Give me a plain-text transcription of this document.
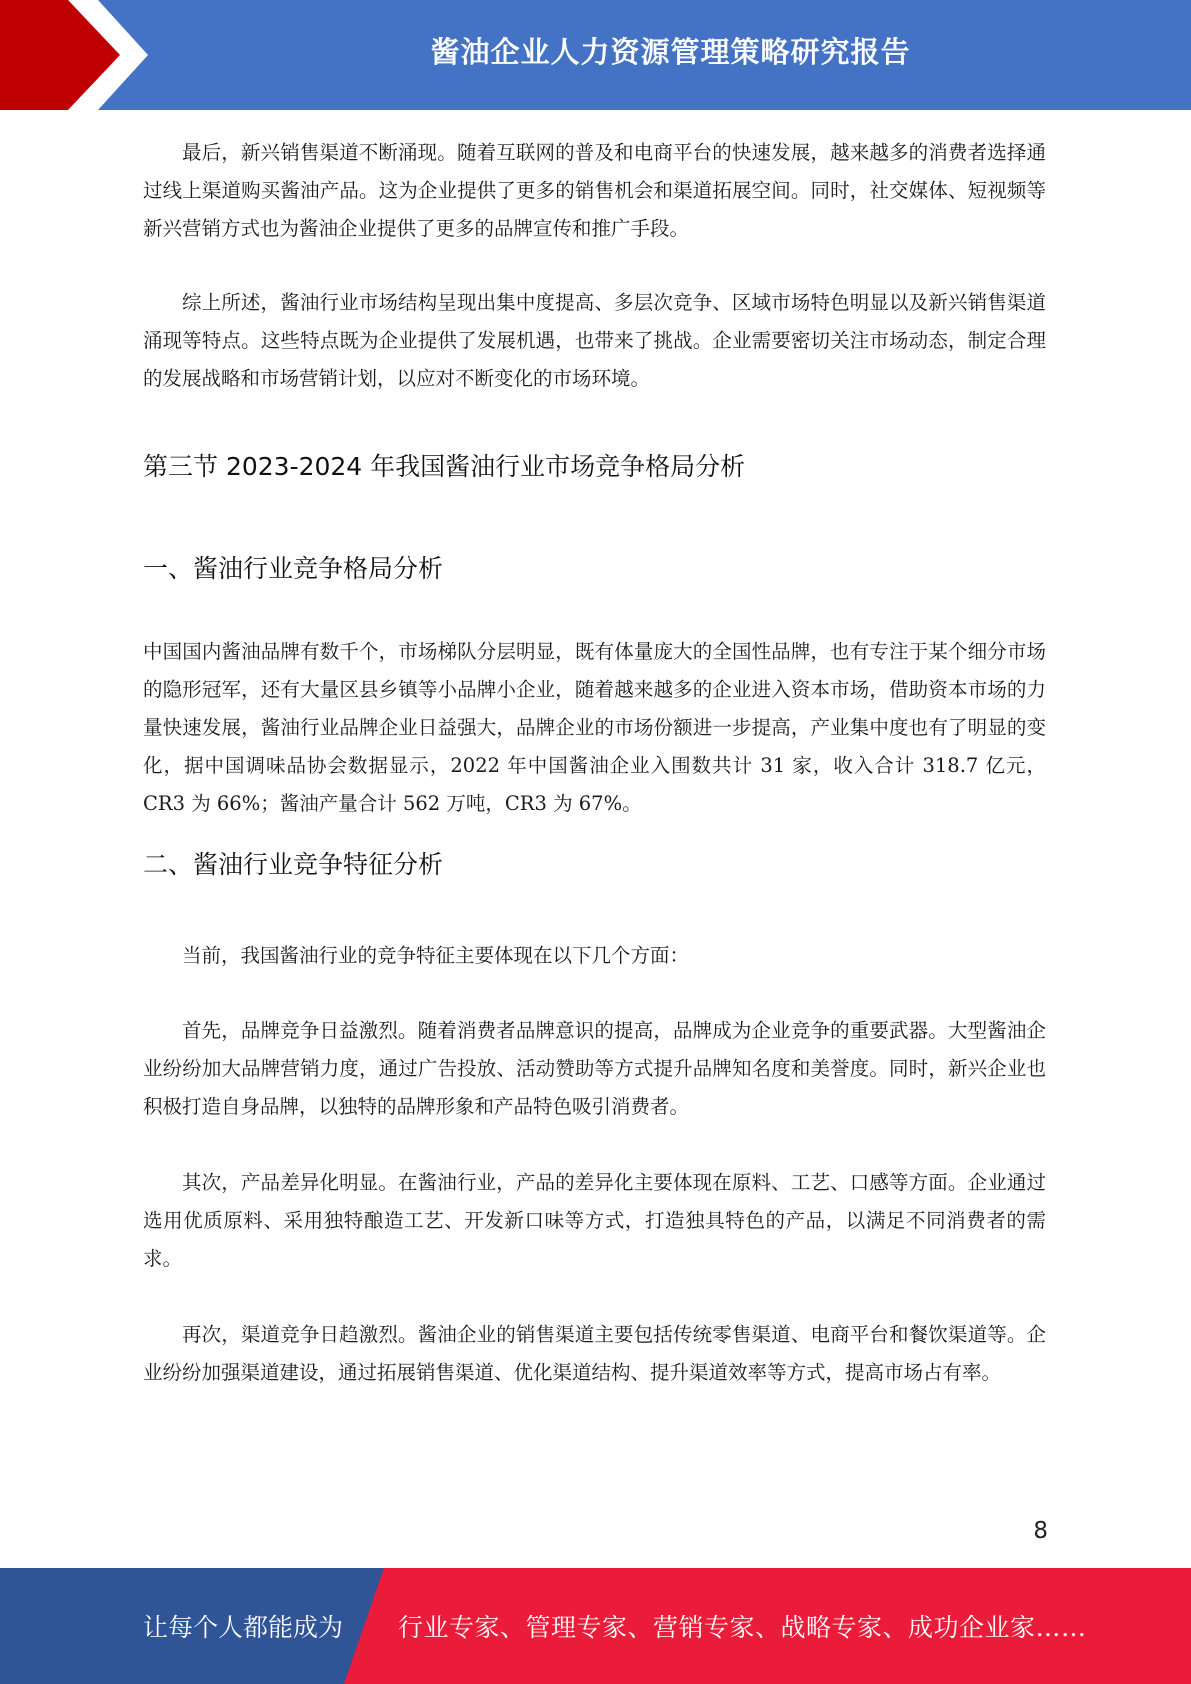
酱油企业人力资源管理策略研究报告

最后，新兴销售渠道不断涌现。随着互联网的普及和电商平台的快速发展，越来越多的消费者选择通过线上渠道购买酱油产品。这为企业提供了更多的销售机会和渠道拓展空间。同时，社交媒体、短视频等新兴营销方式也为酱油企业提供了更多的品牌宣传和推广手段。

综上所述，酱油行业市场结构呈现出集中度提高、多层次竞争、区域市场特色明显以及新兴销售渠道涌现等特点。这些特点既为企业提供了发展机遇，也带来了挑战。企业需要密切关注市场动态，制定合理的发展战略和市场营销计划，以应对不断变化的市场环境。

第三节 2023-2024 年我国酱油行业市场竞争格局分析
一、酱油行业竞争格局分析

中国国内酱油品牌有数千个，市场梯队分层明显，既有体量庞大的全国性品牌，也有专注于某个细分市场的隐形冠军，还有大量区县乡镇等小品牌小企业，随着越来越多的企业进入资本市场，借助资本市场的力量快速发展，酱油行业品牌企业日益强大，品牌企业的市场份额进一步提高，产业集中度也有了明显的变化，据中国调味品协会数据显示，2022 年中国酱油企业入围数共计 31 家，收入合计 318.7 亿元，CR3 为 66%；酱油产量合计 562 万吨，CR3 为 67%。

二、酱油行业竞争特征分析

当前，我国酱油行业的竞争特征主要体现在以下几个方面：

首先，品牌竞争日益激烈。随着消费者品牌意识的提高，品牌成为企业竞争的重要武器。大型酱油企业纷纷加大品牌营销力度，通过广告投放、活动赞助等方式提升品牌知名度和美誉度。同时，新兴企业也积极打造自身品牌，以独特的品牌形象和产品特色吸引消费者。

其次，产品差异化明显。在酱油行业，产品的差异化主要体现在原料、工艺、口感等方面。企业通过选用优质原料、采用独特酿造工艺、开发新口味等方式，打造独具特色的产品，以满足不同消费者的需求。

再次，渠道竞争日趋激烈。酱油企业的销售渠道主要包括传统零售渠道、电商平台和餐饮渠道等。企业纷纷加强渠道建设，通过拓展销售渠道、优化渠道结构、提升渠道效率等方式，提高市场占有率。

8
让每个人都能成为 行业专家、管理专家、营销专家、战略专家、成功企业家……
